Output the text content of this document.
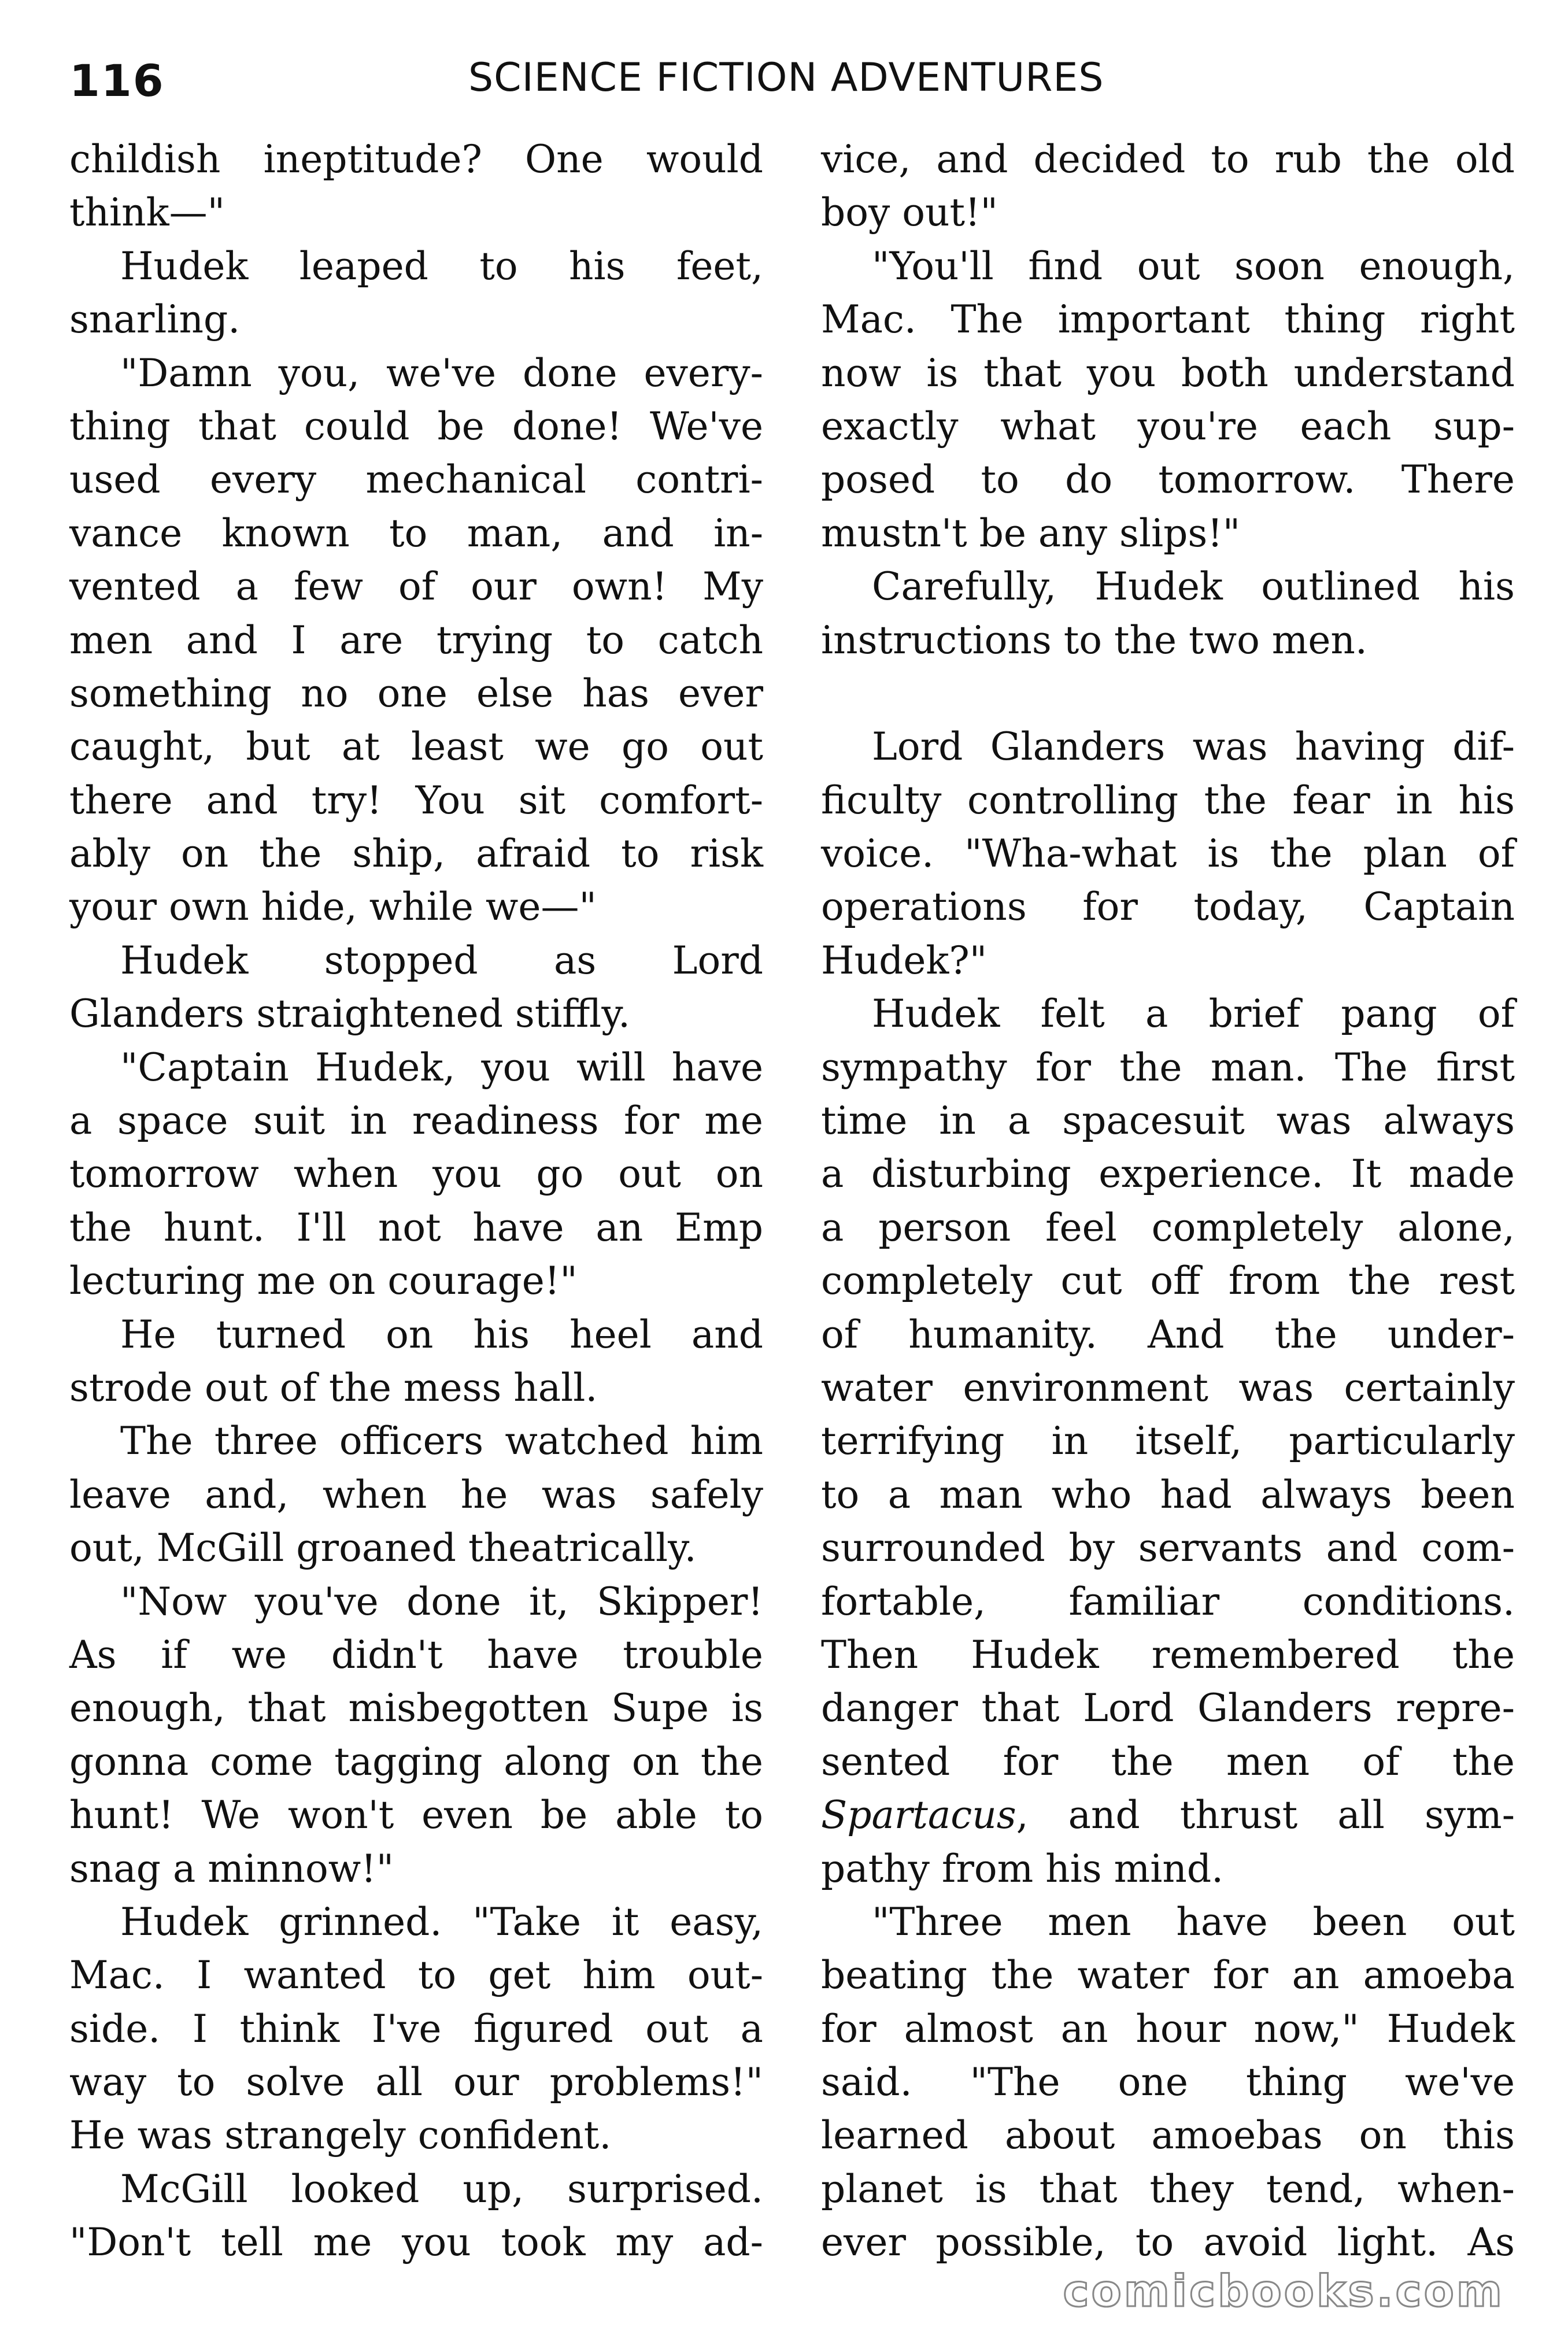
116	SCIENCE FICTION ADVENTURES
childish ineptitude? One would
think—"
Hudek leaped to his feet,
snarling.
"Damn you, we've done every-
thing that could be done! We've
used every mechanical contri-
vance known to man, and in-
vented a few of our own! My
men and I are trying to catch
something no one else has ever
caught, but at least we go out
there and try! You sit comfort-
ably on the ship, afraid to risk
your own hide, while we—"
Hudek stopped as Lord
Glanders straightened stiffly.
"Captain Hudek, you will have
a space suit in readiness for me
tomorrow when you go out on
the hunt. I'll not have an Emp
lecturing me on courage!"
He turned on his heel and
strode out of the mess hall.
The three officers watched him
leave and, when he was safely
out, McGill groaned theatrically.
"Now you've done it, Skipper!
As if we didn't have trouble
enough, that misbegotten Supe is
gonna come tagging along on the
hunt! We won't even be able to
snag a minnow!"
Hudek grinned. "Take it easy,
Mac. I wanted to get him out-
side. I think I've figured out a
way to solve all our problems!"
He was strangely confident.
McGill looked up, surprised.
"Don't tell me you took my ad-
vice, and decided to rub the old
boy out!"
"You'll find out soon enough,
Mac. The important thing right
now is that you both understand
exactly what you're each sup-
posed to do tomorrow. There
mustn't be any slips!"
Carefully, Hudek outlined his
instructions to the two men.
Lord Glanders was having dif-
ficulty controlling the fear in his
voice. "Wha-what is the plan of
operations for today, Captain
Hudek?"
Hudek felt a brief pang of
sympathy for the man. The first
time in a spacesuit was always
a disturbing experience. It made
a person feel completely alone,
completely cut off from the rest
of humanity. And the under-
water environment was certainly
terrifying in itself, particularly
to a man who had always been
surrounded by servants and com-
fortable, familiar conditions.
Then Hudek remembered the
danger that Lord Glanders repre-
sented for the men of the
Spartacus, and thrust all sym-
pathy from his mind.
"Three men have been out
beating the water for an amoeba
for almost an hour now," Hudek
said. "The one thing we've
learned about amoebas on this
planet is that they tend, when-
ever possible, to avoid light. As
comicbooks.com
